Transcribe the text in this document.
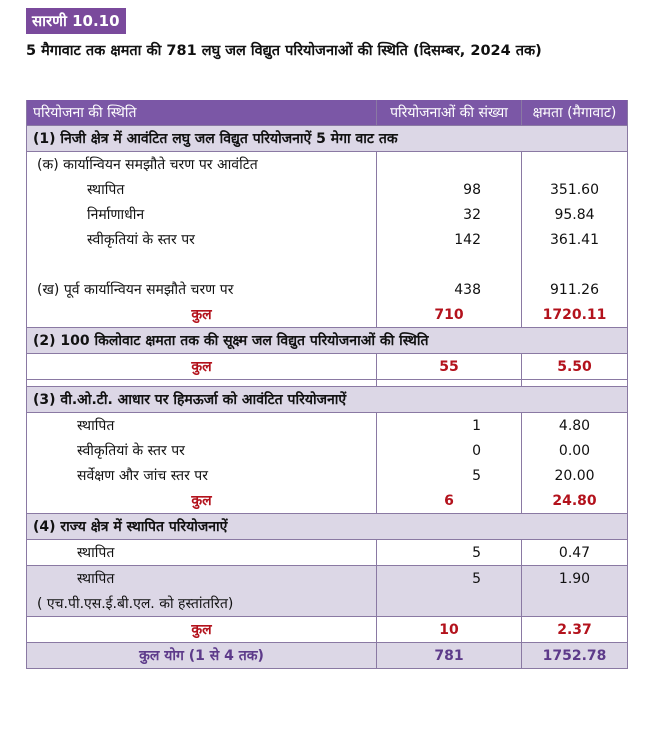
सारणी 10.10
5 मैगावाट तक क्षमता की 781 लघु जल विद्युत परियोजनाओं की स्थिति (दिसम्बर, 2024 तक)
परियोजना की स्थिति	परियोजनाओं की संख्या	क्षमता (मैगावाट)
(1) निजी क्षेत्र में आवंटित लघु जल विद्युत परियोजनाऐं 5 मेगा वाट तक		
(क) कार्यान्वियन समझौते चरण पर आवंटित		
स्थापित	98	351.60
निर्माणाधीन	32	95.84
स्वीकृतियां के स्तर पर	142	361.41

(ख) पूर्व कार्यान्वियन समझौते चरण पर	438	911.26
कुल	710	1720.11
(2) 100 किलोवाट क्षमता तक की सूक्ष्म जल विद्युत परियोजनाओं की स्थिति		
कुल	55	5.50

(3) वी.ओ.टी. आधार पर हिमऊर्जा को आवंटित परियोजनाऐं		
स्थापित	1	4.80
स्वीकृतियां के स्तर पर	0	0.00
सर्वेक्षण और जांच स्तर पर	5	20.00
कुल	6	24.80
(4) राज्य क्षेत्र में स्थापित परियोजनाऐं		
स्थापित	5	0.47
स्थापित	5	1.90
( एच.पी.एस.ई.बी.एल. को हस्तांतरित)		
कुल	10	2.37
कुल योग (1 से 4 तक)	781	1752.78
